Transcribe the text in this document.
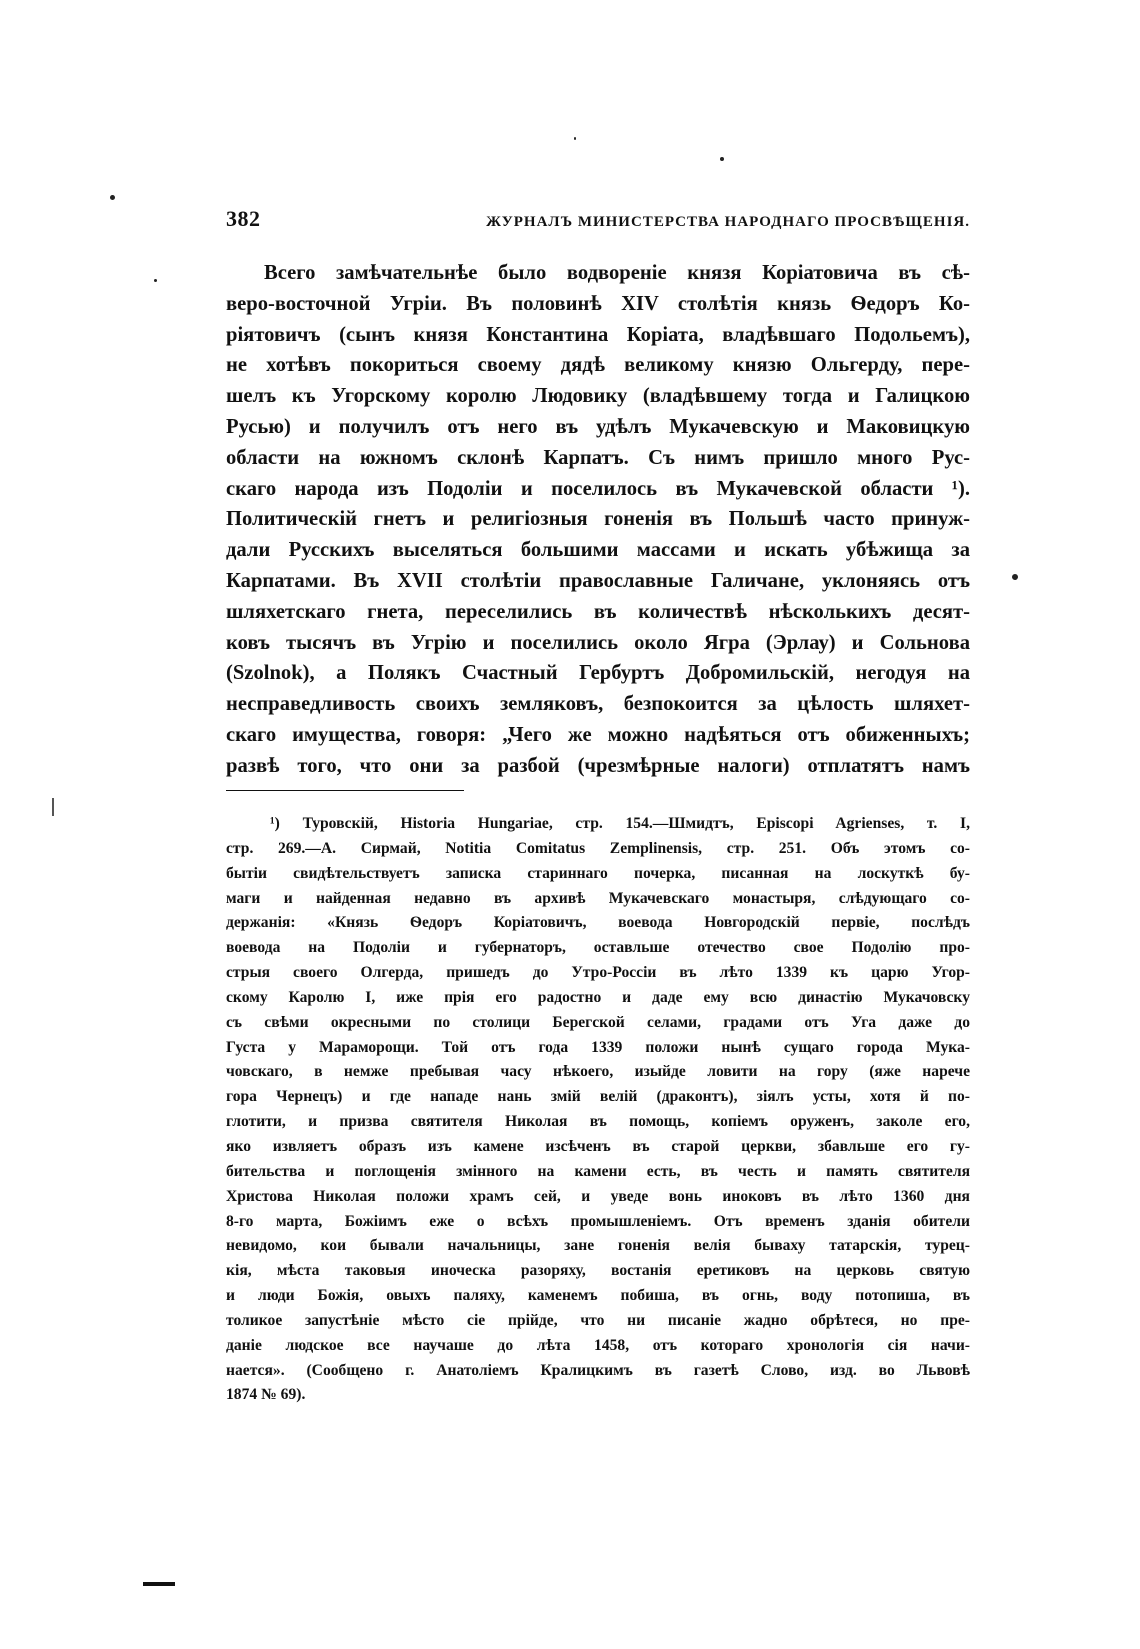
382	ЖУРНАЛЪ МИНИСТЕРСТВА НАРОДНАГО ПРОСВѢЩЕНІЯ.
Всего замѣчательнѣе было водвореніе князя Коріатовича въ сѣ-
веро-восточной Угріи. Въ половинѣ XIV столѣтія князь Ѳедоръ Ко-
ріятовичъ (сынъ князя Константина Коріата, владѣвшаго Подольемъ),
не хотѣвъ покориться своему дядѣ великому князю Ольгерду, пере-
шелъ къ Угорскому королю Людовику (владѣвшему тогда и Галицкою
Русью) и получилъ отъ него въ удѣлъ Мукачевскую и Маковицкую
области на южномъ склонѣ Карпатъ. Съ нимъ пришло много Рус-
скаго народа изъ Подоліи и поселилось въ Мукачевской области ¹).
Политическій гнетъ и религіозныя гоненія въ Польшѣ часто принуж-
дали Русскихъ выселяться большими массами и искать убѣжища за
Карпатами. Въ XVII столѣтіи православные Галичане, уклоняясь отъ
шляхетскаго гнета, переселились въ количествѣ нѣсколькихъ десят-
ковъ тысячъ въ Угрію и поселились около Ягра (Эрлау) и Сольнова
(Szolnok), а Полякъ Счастный Гербуртъ Добромильскій, негодуя на
несправедливость своихъ земляковъ, безпокоится за цѣлость шляхет-
скаго имущества, говоря: „Чего же можно надѣяться отъ обиженныхъ;
развѣ того, что они за разбой (чрезмѣрные налоги) отплатятъ намъ
¹) Туровскій, Historia Hungariae, стр. 154.—Шмидтъ, Episcopi Agrienses, т. I,
стр. 269.—А. Сирмай, Notitia Comitatus Zemplinensis, стр. 251. Объ этомъ со-
бытіи свидѣтельствуетъ записка стариннаго почерка, писанная на лоскуткѣ бу-
маги и найденная недавно въ архивѣ Мукачевскаго монастыря, слѣдующаго со-
держанія: «Князь Ѳедоръ Коріатовичъ, воевода Новгородскій первіе, послѣдъ
воевода на Подоліи и губернаторъ, оставльше отечество свое Подолію про-
стрыя своего Олгерда, пришедъ до Утро-Россіи въ лѣто 1339 къ царю Угор-
скому Каролю I, иже прія его радостно и даде ему всю династію Мукачовску
съ свѣми окресными по столици Берегской селами, градами отъ Уга даже до
Густа у Мараморощи. Той отъ года 1339 положи нынѣ сущаго города Мука-
човскаго, в немже пребывая часу нѣкоего, изыйде ловити на гору (яже нарече
гора Чернецъ) и где нападе нань змій велій (драконтъ), зіялъ усты, хотя й по-
глотити, и призва святителя Николая въ помощь, копіемъ оруженъ, заколе его,
яко извляетъ образъ изъ камене изсѣченъ въ старой церкви, збавльше его гу-
бительства и поглощенія змінного на камени есть, въ честь и память святителя
Христова Николая положи храмъ сей, и уведе вонь иноковъ въ лѣто 1360 дня
8-го марта, Божіимъ еже о всѣхъ промышленіемъ. Отъ временъ зданія обители
невидомо, кои бывали начальницы, зане гоненія велія бываху татарскія, турец-
кія, мѣста таковыя иноческа разоряху, востанія еретиковъ на церковь святую
и люди Божія, овыхъ паляху, каменемъ побиша, въ огнь, воду потопиша, въ
толикое запустѣніе мѣсто сіе прійде, что ни писаніе жадно обрѣтеся, но пре-
даніе людское все научаше до лѣта 1458, отъ котораго хронологія сія начи-
нается». (Сообщено г. Анатоліемъ Кралицкимъ въ газетѣ Слово, изд. во Львовѣ
1874 № 69).
